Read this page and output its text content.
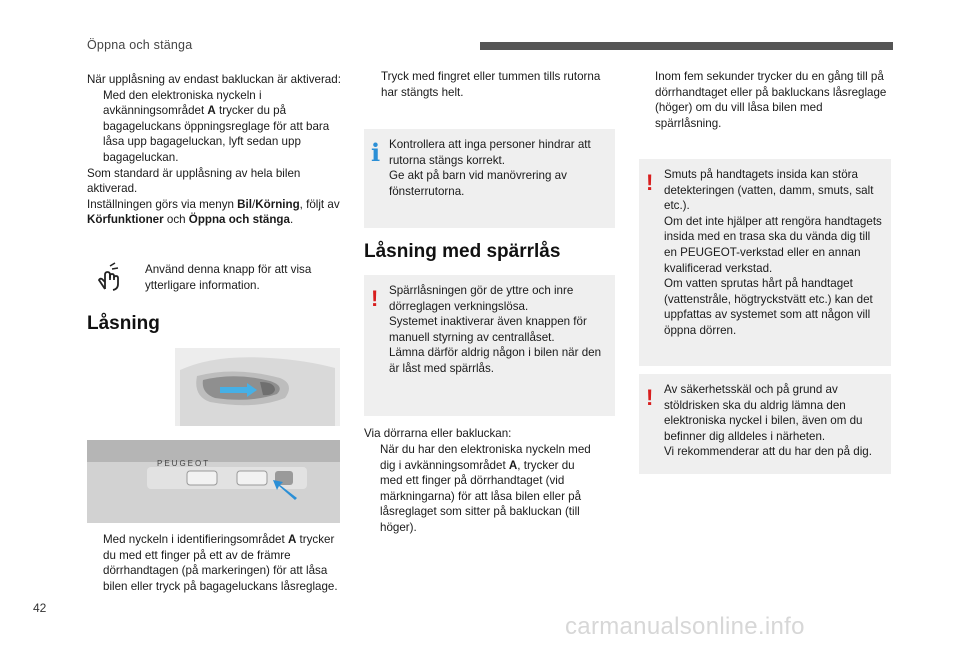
Öppna och stänga

När upplåsning av endast bakluckan är aktiverad:

Med den elektroniska nyckeln i avkänningsområdet A trycker du på bagageluckans öppningsreglage för att bara låsa upp bagageluckan, lyft sedan upp bagageluckan.

Som standard är upplåsning av hela bilen aktiverad.

Inställningen görs via menyn Bil/Körning, följt av Körfunktioner och Öppna och stänga.

Använd denna knapp för att visa ytterligare information.
Låsning
PEUGEOT
Med nyckeln i identifieringsområdet A trycker du med ett finger på ett av de främre dörrhandtagen (på markeringen) för att låsa bilen eller tryck på bagageluckans låsreglage.
Tryck med fingret eller tummen tills rutorna har stängts helt.
i Kontrollera att inga personer hindrar att rutorna stängs korrekt.
Ge akt på barn vid manövrering av fönsterrutorna.
Låsning med spärrlås
! Spärrlåsningen gör de yttre och inre dörreglagen verkningslösa.
Systemet inaktiverar även knappen för manuell styrning av centrallåset.
Lämna därför aldrig någon i bilen när den är låst med spärrlås.
Via dörrarna eller bakluckan:
När du har den elektroniska nyckeln med dig i avkänningsområdet A, trycker du med ett finger på dörrhandtaget (vid märkningarna) för att låsa bilen eller på låsreglaget som sitter på bakluckan (till höger).
Inom fem sekunder trycker du en gång till på dörrhandtaget eller på bakluckans låsreglage (höger) om du vill låsa bilen med spärrlåsning.
! Smuts på handtagets insida kan störa detekteringen (vatten, damm, smuts, salt etc.).
Om det inte hjälper att rengöra handtagets insida med en trasa ska du vända dig till en PEUGEOT-verkstad eller en annan kvalificerad verkstad.
Om vatten sprutas hårt på handtaget (vattenstråle, högtryckstvätt etc.) kan det uppfattas av systemet som att någon vill öppna dörren.
! Av säkerhetsskäl och på grund av stöldrisken ska du aldrig lämna den elektroniska nyckel i bilen, även om du befinner dig alldeles i närheten.
Vi rekommenderar att du har den på dig.
42
carmanualsonline.info
